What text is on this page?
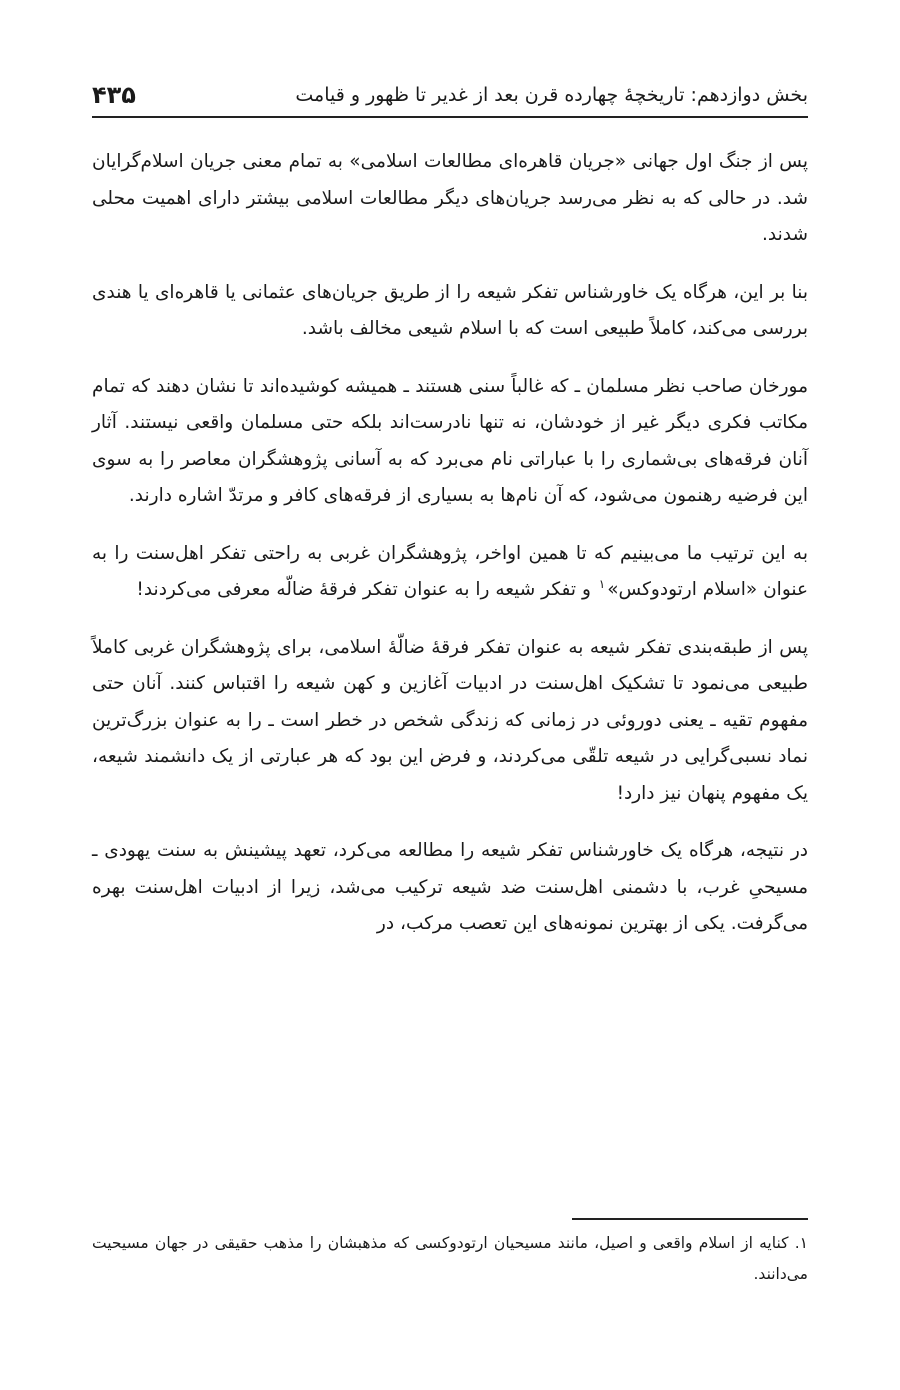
بخش دوازدهم: تاریخچهٔ چهارده قرن بعد از غدیر تا ظهور و قیامت
۴۳۵

پس از جنگ اول جهانی «جریان قاهره‌ای مطالعات اسلامی» به تمام معنی جریان اسلام‌گرایان شد. در حالی که به نظر می‌رسد جریان‌های دیگر مطالعات اسلامی بیشتر دارای اهمیت محلی شدند.

بنا بر این، هرگاه یک خاورشناس تفکر شیعه را از طریق جریان‌های عثمانی یا قاهره‌ای یا هندی بررسی می‌کند، کاملاً طبیعی است که با اسلام شیعی مخالف باشد.

مورخان صاحب نظر مسلمان ـ که غالباً سنی هستند ـ همیشه کوشیده‌اند تا نشان دهند که تمام مکاتب فکری دیگر غیر از خودشان، نه تنها نادرست‌اند بلکه حتی مسلمان واقعی نیستند. آثار آنان فرقه‌های بی‌شماری را با عباراتی نام می‌برد که به آسانی پژوهشگران معاصر را به سوی این فرضیه رهنمون می‌شود، که آن نام‌ها به بسیاری از فرقه‌های کافر و مرتدّ اشاره دارند.

به این ترتیب ما می‌بینیم که تا همین اواخر، پژوهشگران غربی به راحتی تفکر اهل‌سنت را به عنوان «اسلام ارتودوکس»$^۱$ و تفکر شیعه را به عنوان تفکر فرقهٔ ضالّه معرفی می‌کردند!

پس از طبقه‌بندی تفکر شیعه به عنوان تفکر فرقهٔ ضالّهٔ اسلامی، برای پژوهشگران غربی کاملاً طبیعی می‌نمود تا تشکیک اهل‌سنت در ادبیات آغازین و کهن شیعه را اقتباس کنند. آنان حتی مفهوم تقیه ـ یعنی دوروئی در زمانی که زندگی شخص در خطر است ـ را به عنوان بزرگ‌ترین نماد نسبی‌گرایی در شیعه تلقّی می‌کردند، و فرض این بود که هر عبارتی از یک دانشمند شیعه، یک مفهوم پنهان نیز دارد!

در نتیجه، هرگاه یک خاورشناس تفکر شیعه را مطالعه می‌کرد، تعهد پیشینش به سنت یهودی ـ مسیحیِ غرب، با دشمنی اهل‌سنت ضد شیعه ترکیب می‌شد، زیرا از ادبیات اهل‌سنت بهره می‌گرفت. یکی از بهترین نمونه‌های این تعصب مرکب، در

۱. کنایه از اسلام واقعی و اصیل، مانند مسیحیان ارتودوکسی که مذهبشان را مذهب حقیقی در جهان مسیحیت می‌دانند.
